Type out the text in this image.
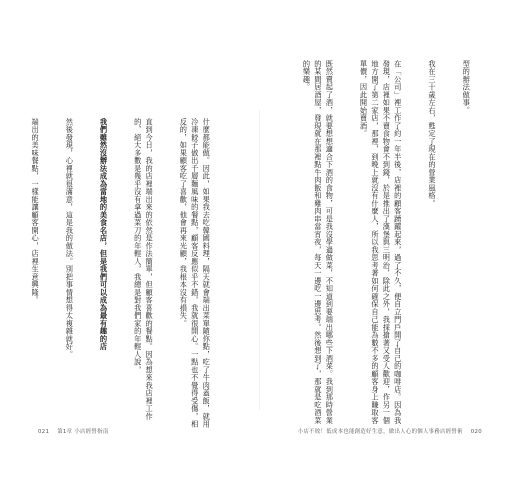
型的辦法做事。

我在三十歲左右，甦定了現在的營業風格。

在「公司」裡工作了約一年半後，店裡的顧客踴躍起來，過了不久，便自立門戶開了自己的咖啡店。因為我發現，店裡如果不賣食物會不到錢，於是推出了漢堡與三明治，除此之外，我採搶著又受人歡迎，作另一個地方開了第二家店，那裡，到晚上就沒有什麼人，所以我思考著如何確保自己能為數不多的顧客身上賺取客單價，因此開始賣酒。

既然賣起了酒，就要想想適合下酒的食物，可是我沒學過做菜，不知道到要端出哪些下酒菜。我到那時營業的某間居酒屋，發現就在那裡點牛肉飯和雞肉串當宵夜，每天一邊吃一邊思考。然後想到了，那就是吃酒菜的樂趣。

小店不敗！低成本也能創造好生意，做出人心的個人事務店經營術 020

什麼都能做。因此，如果我去吃韓國料理，隔天就會端出菜單隨你點，吃了牛肉蓋飯，就用冷凍餃子做出千層麵風味的餐點，顧客反應似乎不錯，我就很開心。一點也不覺得受傷，相反的，如果顧客吃了喜歡，他會再來光顧，我根本沒有損失。

直到今日，我的店裡端出來的依然是作法簡單，但顧客喜歡的餐點。因為想來我店裡工作的，絕大多數是幾乎沒有拿過菜刀的年輕人，我總是對我們家的年輕人說，

我們雖然沒辦法成為當地的美食名店，但是我們可以成為最有趣的店

然後發現，心裡就很滿意，這是我的做法。別把事情想得太複雜就好。

端出的美味餐點，一樣能讓顧客開心，店裡生意興隆。

021 第1章 小店經營指南
